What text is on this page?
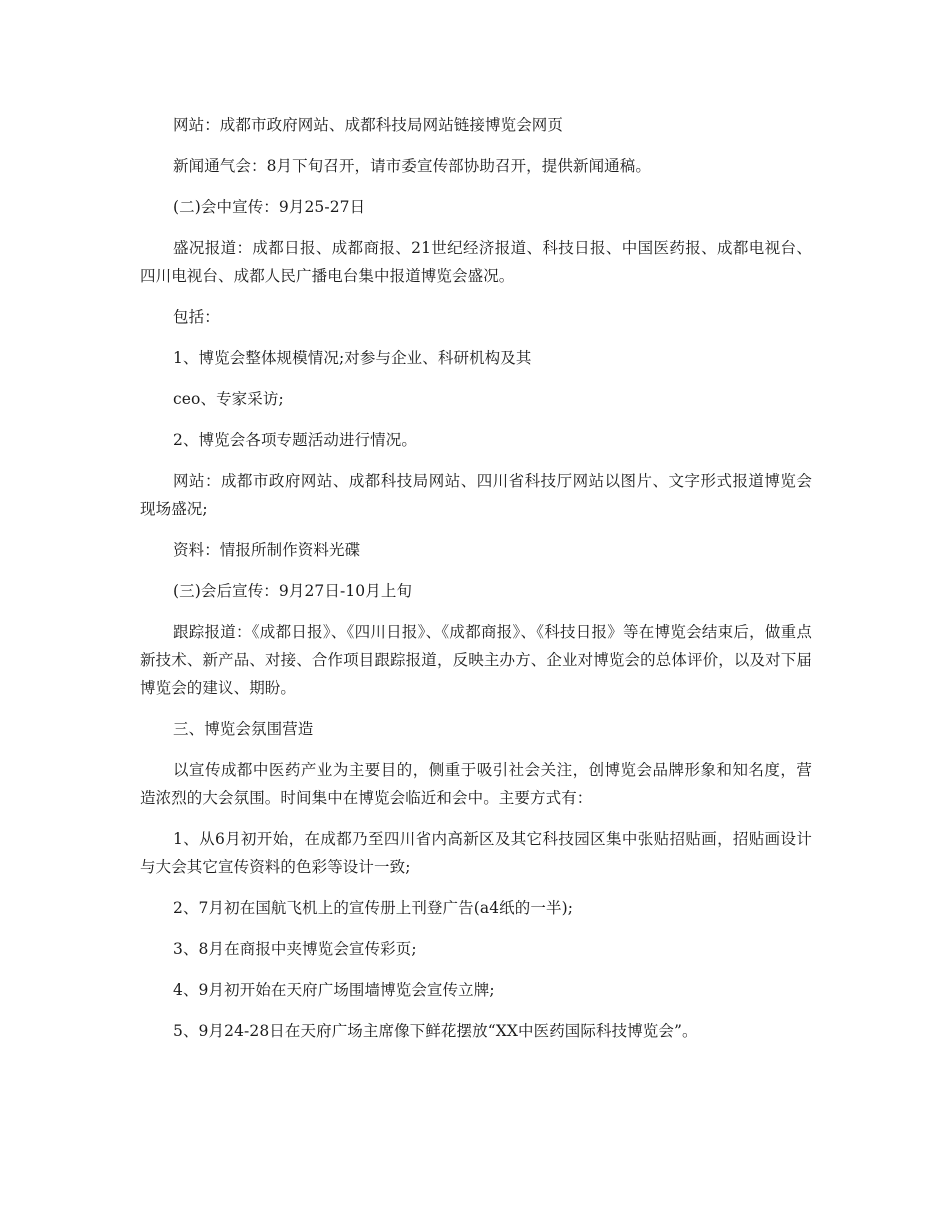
网站：成都市政府网站、成都科技局网站链接博览会网页

新闻通气会：8月下旬召开，请市委宣传部协助召开，提供新闻通稿。

(二)会中宣传：9月25-27日

盛况报道：成都日报、成都商报、21世纪经济报道、科技日报、中国医药报、成都电视台、四川电视台、成都人民广播电台集中报道博览会盛况。

包括：

1、博览会整体规模情况;对参与企业、科研机构及其

ceo、专家采访;

2、博览会各项专题活动进行情况。

网站：成都市政府网站、成都科技局网站、四川省科技厅网站以图片、文字形式报道博览会现场盛况;

资料：情报所制作资料光碟

(三)会后宣传：9月27日-10月上旬

跟踪报道：《成都日报》、《四川日报》、《成都商报》、《科技日报》等在博览会结束后，做重点新技术、新产品、对接、合作项目跟踪报道，反映主办方、企业对博览会的总体评价，以及对下届博览会的建议、期盼。

三、博览会氛围营造

以宣传成都中医药产业为主要目的，侧重于吸引社会关注，创博览会品牌形象和知名度，营造浓烈的大会氛围。时间集中在博览会临近和会中。主要方式有：

1、从6月初开始，在成都乃至四川省内高新区及其它科技园区集中张贴招贴画，招贴画设计与大会其它宣传资料的色彩等设计一致;

2、7月初在国航飞机上的宣传册上刊登广告(a4纸的一半);

3、8月在商报中夹博览会宣传彩页;

4、9月初开始在天府广场围墙博览会宣传立牌;

5、9月24-28日在天府广场主席像下鲜花摆放“XX中医药国际科技博览会”。
